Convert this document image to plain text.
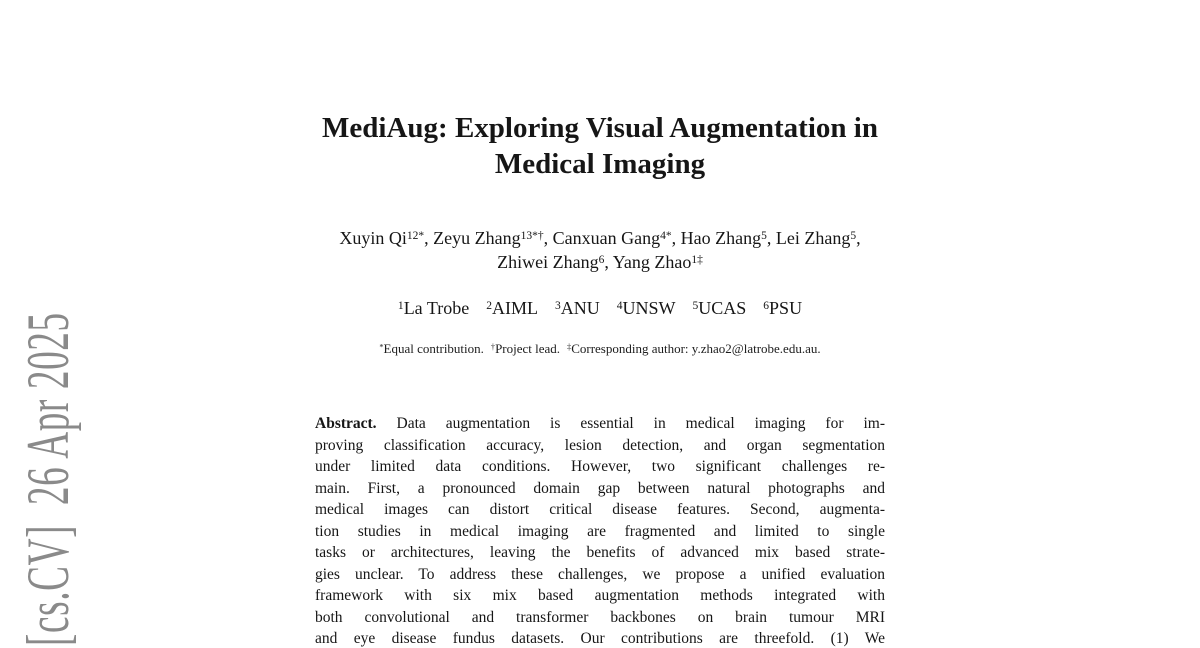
[cs.CV]  26 Apr 2025
MediAug: Exploring Visual Augmentation in
Medical Imaging
Xuyin $Qi^{12*}$, Zeyu Zhang$^{13*\dagger}$, Canxuan Gang$^{4*}$, Hao Zhang$^5$, Lei Zhang$^5$,
Zhiwei Zhang$^6$, Yang Zhao$^{1\ddagger}$
$^1$La Trobe $^2$AIML $^3$ANU $^4$UNSW $^5$UCAS $^6$PSU
*Equal contribution. †Project lead. ‡Corresponding author: y.zhao2@latrobe.edu.au.
Abstract. Data augmentation is essential in medical imaging for im-
proving classification accuracy, lesion detection, and organ segmentation
under limited data conditions. However, two significant challenges re-
main. First, a pronounced domain gap between natural photographs and
medical images can distort critical disease features. Second, augmenta-
tion studies in medical imaging are fragmented and limited to single
tasks or architectures, leaving the benefits of advanced mix based strate-
gies unclear. To address these challenges, we propose a unified evaluation
framework with six mix based augmentation methods integrated with
both convolutional and transformer backbones on brain tumour MRI
and eye disease fundus datasets. Our contributions are threefold. (1) We
